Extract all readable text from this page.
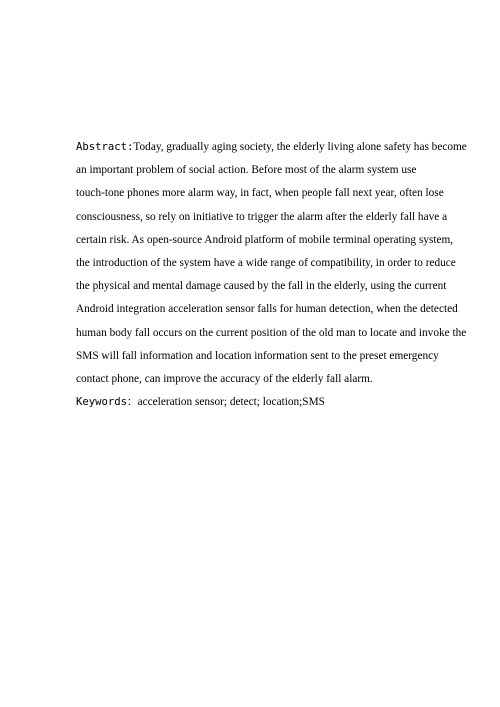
Abstract:Today, gradually aging society, the elderly living alone safety has become
an important problem of social action. Before most of the alarm system use
touch-tone phones more alarm way, in fact, when people fall next year, often lose
consciousness, so rely on initiative to trigger the alarm after the elderly fall have a
certain risk. As open-source Android platform of mobile terminal operating system,
the introduction of the system have a wide range of compatibility, in order to reduce
the physical and mental damage caused by the fall in the elderly, using the current
Android integration acceleration sensor falls for human detection, when the detected
human body fall occurs on the current position of the old man to locate and invoke the
SMS will fall information and location information sent to the preset emergency
contact phone, can improve the accuracy of the elderly fall alarm.
Keywords：acceleration sensor; detect; location;SMS
